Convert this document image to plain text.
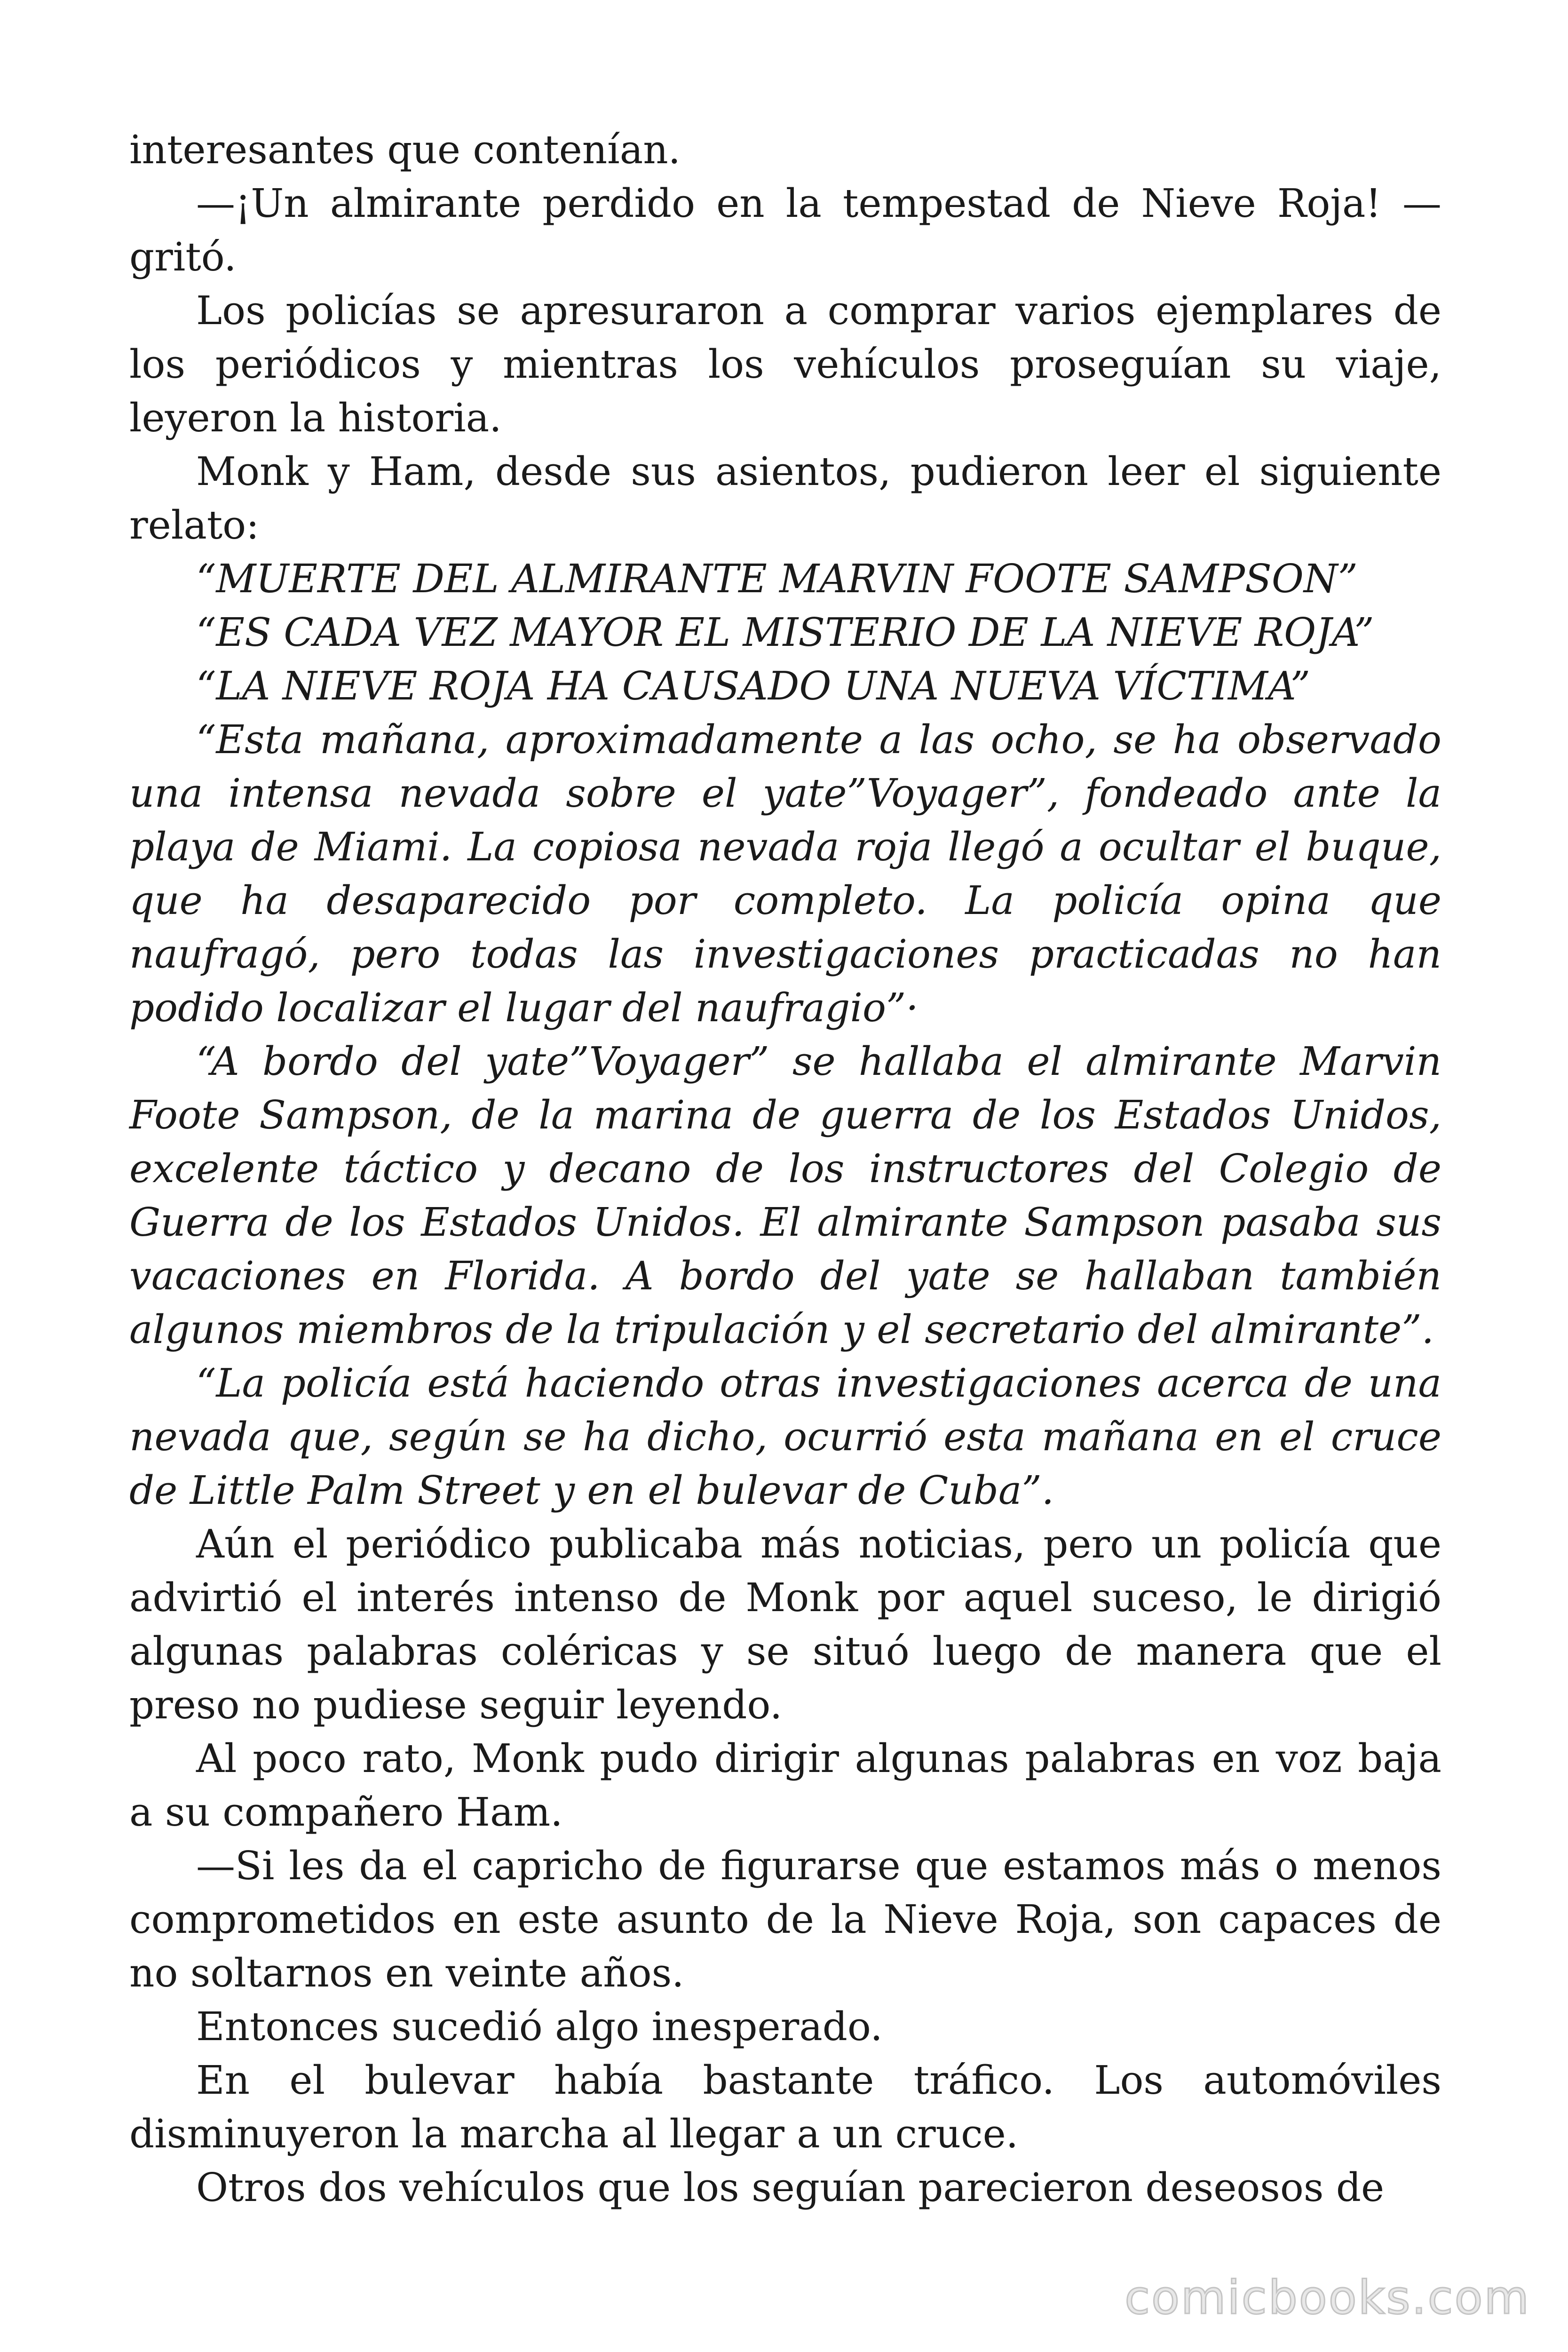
interesantes que contenían.

—¡Un almirante perdido en la tempestad de Nieve Roja! —gritó.

Los policías se apresuraron a comprar varios ejemplares de los periódicos y mientras los vehículos proseguían su viaje, leyeron la historia.

Monk y Ham, desde sus asientos, pudieron leer el siguiente relato:

“MUERTE DEL ALMIRANTE MARVIN FOOTE SAMPSON”

“ES CADA VEZ MAYOR EL MISTERIO DE LA NIEVE ROJA”

“LA NIEVE ROJA HA CAUSADO UNA NUEVA VÍCTIMA”

“Esta mañana, aproximadamente a las ocho, se ha observado una intensa nevada sobre el yate”Voyager”, fondeado ante la playa de Miami. La copiosa nevada roja llegó a ocultar el buque, que ha desaparecido por completo. La policía opina que naufragó, pero todas las investigaciones practicadas no han podido localizar el lugar del naufragio”·

“A bordo del yate”Voyager” se hallaba el almirante Marvin Foote Sampson, de la marina de guerra de los Estados Unidos, excelente táctico y decano de los instructores del Colegio de Guerra de los Estados Unidos. El almirante Sampson pasaba sus vacaciones en Florida. A bordo del yate se hallaban también algunos miembros de la tripulación y el secretario del almirante”.

“La policía está haciendo otras investigaciones acerca de una nevada que, según se ha dicho, ocurrió esta mañana en el cruce de Little Palm Street y en el bulevar de Cuba”.

Aún el periódico publicaba más noticias, pero un policía que advirtió el interés intenso de Monk por aquel suceso, le dirigió algunas palabras coléricas y se situó luego de manera que el preso no pudiese seguir leyendo.

Al poco rato, Monk pudo dirigir algunas palabras en voz baja a su compañero Ham.

—Si les da el capricho de figurarse que estamos más o menos comprometidos en este asunto de la Nieve Roja, son capaces de no soltarnos en veinte años.

Entonces sucedió algo inesperado.

En el bulevar había bastante tráfico. Los automóviles disminuyeron la marcha al llegar a un cruce.

Otros dos vehículos que los seguían parecieron deseosos de

comicbooks.com
